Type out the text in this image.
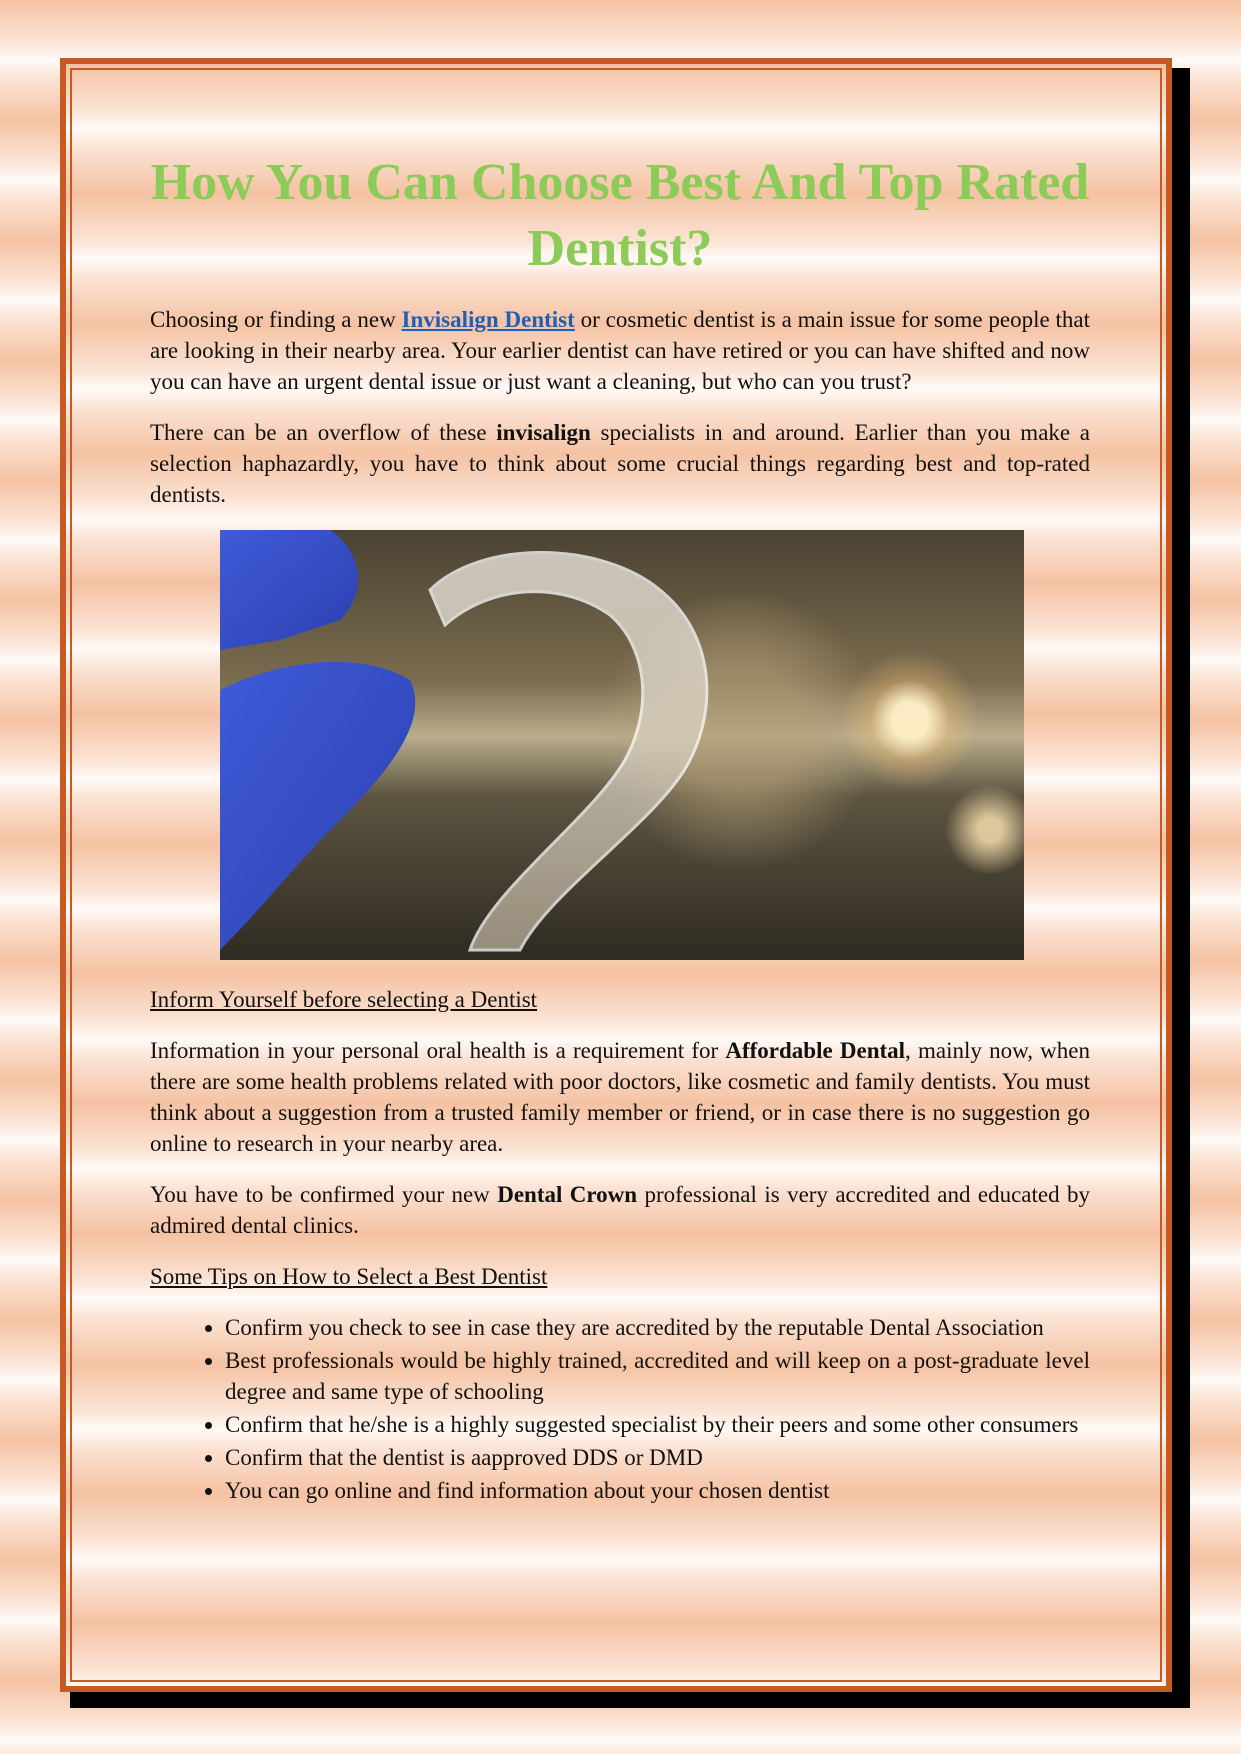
How You Can Choose Best And Top Rated Dentist?

Choosing or finding a new Invisalign Dentist or cosmetic dentist is a main issue for some people that are looking in their nearby area. Your earlier dentist can have retired or you can have shifted and now you can have an urgent dental issue or just want a cleaning, but who can you trust?

There can be an overflow of these invisalign specialists in and around. Earlier than you make a selection haphazardly, you have to think about some crucial things regarding best and top-rated dentists.

Inform Yourself before selecting a Dentist

Information in your personal oral health is a requirement for Affordable Dental, mainly now, when there are some health problems related with poor doctors, like cosmetic and family dentists. You must think about a suggestion from a trusted family member or friend, or in case there is no suggestion go online to research in your nearby area.

You have to be confirmed your new Dental Crown professional is very accredited and educated by admired dental clinics.

Some Tips on How to Select a Best Dentist
• Confirm you check to see in case they are accredited by the reputable Dental Association
• Best professionals would be highly trained, accredited and will keep on a post-graduate level degree and same type of schooling
• Confirm that he/she is a highly suggested specialist by their peers and some other consumers
• Confirm that the dentist is aapproved DDS or DMD
• You can go online and find information about your chosen dentist
